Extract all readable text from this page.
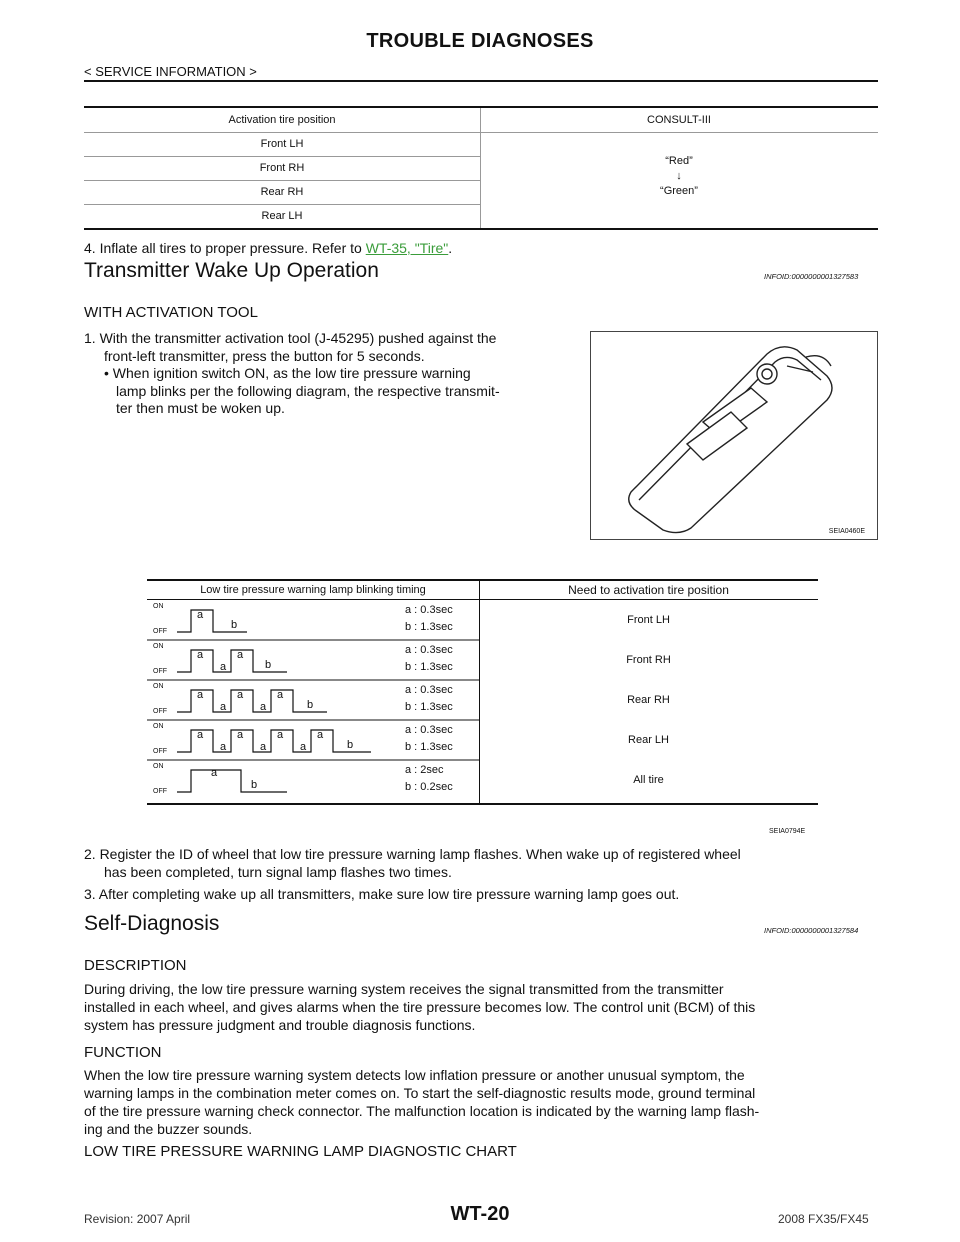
TROUBLE DIAGNOSES
< SERVICE INFORMATION >
Activation tire position	CONSULT-III
Front LH
Front RH
Rear RH
Rear LH
“Red”
↓
“Green”
4. Inflate all tires to proper pressure. Refer to WT-35, "Tire".
Transmitter Wake Up Operation	INFOID:0000000001327583
WITH ACTIVATION TOOL
1. With the transmitter activation tool (J-45295) pushed against the
front-left transmitter, press the button for 5 seconds.
• When ignition switch ON, as the low tire pressure warning
lamp blinks per the following diagram, the respective transmit-
ter then must be woken up.
SEIA0460E
Low tire pressure warning lamp blinking timing	Need to activation tire position
ON
OFF
a
b
a : 0.3sec
b : 1.3sec
Front LH
ON
OFF
a	a
a	b
a : 0.3sec
b : 1.3sec
Front RH
ON
OFF
a	a	a
a	a	b
a : 0.3sec
b : 1.3sec
Rear RH
ON
OFF
a	a	a	a
a	a	a	b
a : 0.3sec
b : 1.3sec
Rear LH
ON
OFF
a
b
a : 2sec
b : 0.2sec
All tire
SEIA0794E
2. Register the ID of wheel that low tire pressure warning lamp flashes. When wake up of registered wheel
has been completed, turn signal lamp flashes two times.
3. After completing wake up all transmitters, make sure low tire pressure warning lamp goes out.
Self-Diagnosis	INFOID:0000000001327584
DESCRIPTION
During driving, the low tire pressure warning system receives the signal transmitted from the transmitter
installed in each wheel, and gives alarms when the tire pressure becomes low. The control unit (BCM) of this
system has pressure judgment and trouble diagnosis functions.
FUNCTION
When the low tire pressure warning system detects low inflation pressure or another unusual symptom, the
warning lamps in the combination meter comes on. To start the self-diagnostic results mode, ground terminal
of the tire pressure warning check connector. The malfunction location is indicated by the warning lamp flash-
ing and the buzzer sounds.
LOW TIRE PRESSURE WARNING LAMP DIAGNOSTIC CHART
WT-20
Revision: 2007 April	2008 FX35/FX45
